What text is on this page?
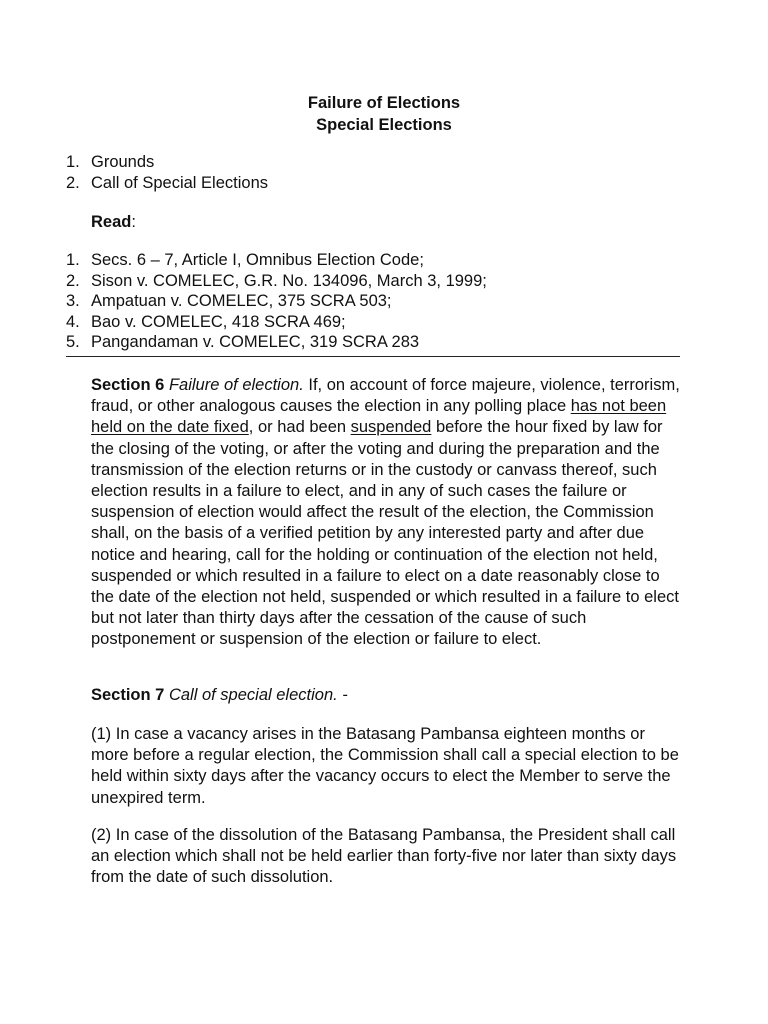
Failure of Elections
Special Elections
1. Grounds
2. Call of Special Elections
Read:
1. Secs. 6 – 7, Article I, Omnibus Election Code;
2. Sison v. COMELEC, G.R. No. 134096, March 3, 1999;
3. Ampatuan v. COMELEC, 375 SCRA 503;
4. Bao v. COMELEC, 418 SCRA 469;
5. Pangandaman v. COMELEC, 319 SCRA 283

Section 6 Failure of election. If, on account of force majeure, violence, terrorism, fraud, or other analogous causes the election in any polling place has not been held on the date fixed, or had been suspended before the hour fixed by law for the closing of the voting, or after the voting and during the preparation and the transmission of the election returns or in the custody or canvass thereof, such election results in a failure to elect, and in any of such cases the failure or suspension of election would affect the result of the election, the Commission shall, on the basis of a verified petition by any interested party and after due notice and hearing, call for the holding or continuation of the election not held, suspended or which resulted in a failure to elect on a date reasonably close to the date of the election not held, suspended or which resulted in a failure to elect but not later than thirty days after the cessation of the cause of such postponement or suspension of the election or failure to elect.

Section 7 Call of special election. -

(1) In case a vacancy arises in the Batasang Pambansa eighteen months or more before a regular election, the Commission shall call a special election to be held within sixty days after the vacancy occurs to elect the Member to serve the unexpired term.

(2) In case of the dissolution of the Batasang Pambansa, the President shall call an election which shall not be held earlier than forty-five nor later than sixty days from the date of such dissolution.
